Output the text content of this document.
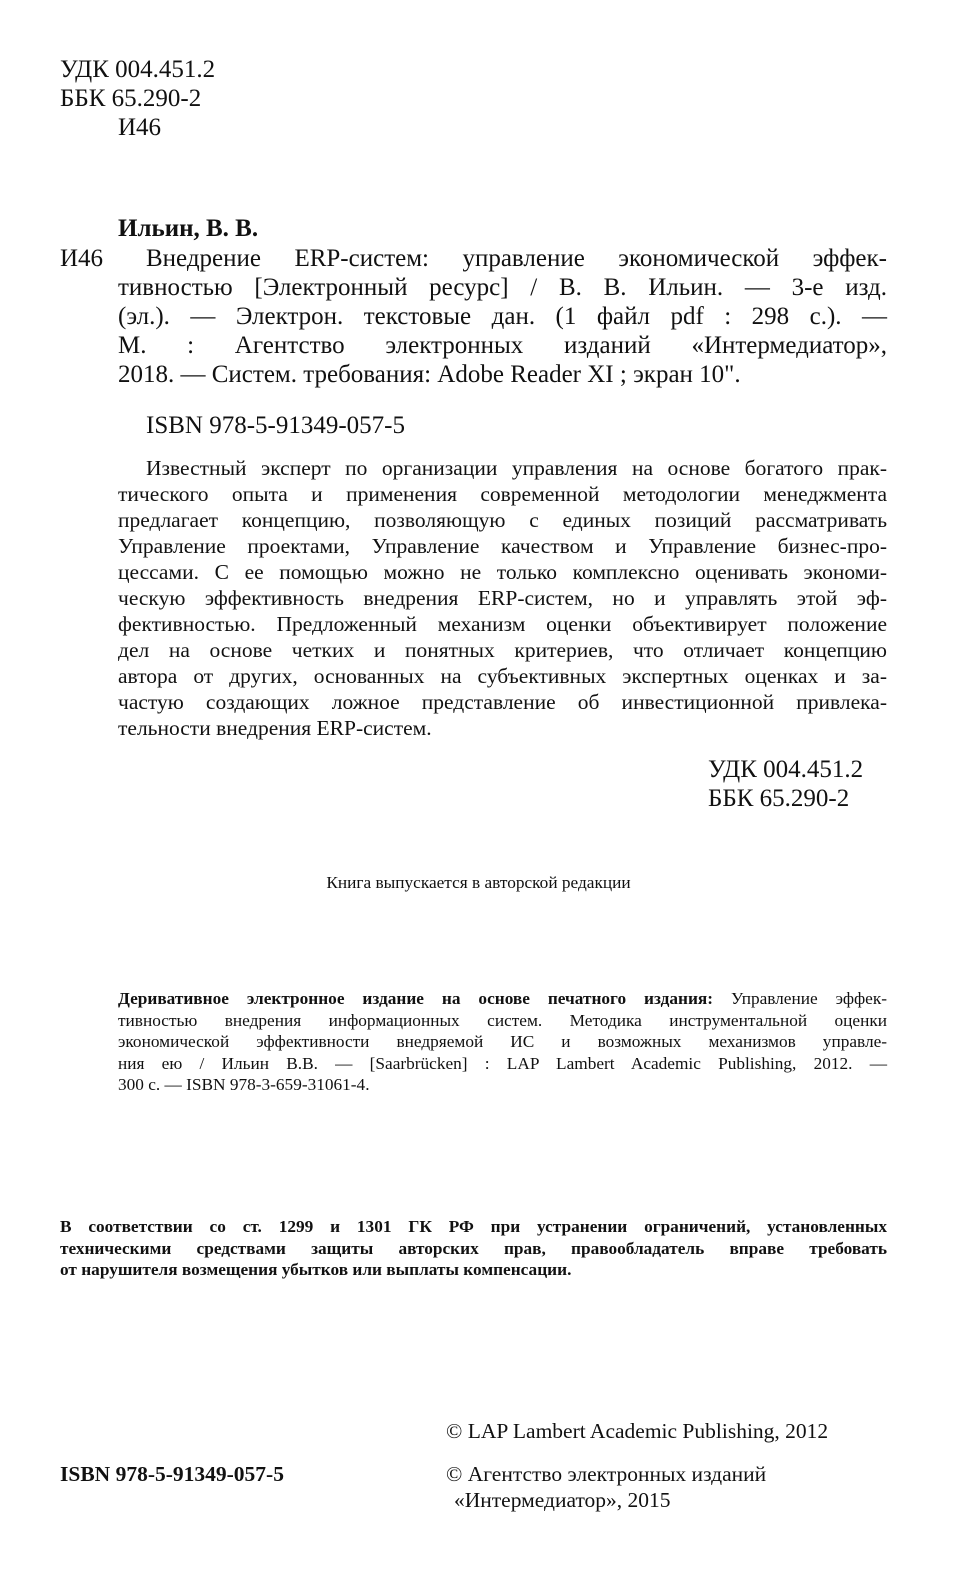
УДК 004.451.2
ББК 65.290-2
И46
Ильин, В. В.
И46	Внедрение ERP-систем: управление экономической эффек-
тивностью [Электронный ресурс] / В. В. Ильин. — 3-е изд.
(эл.). — Электрон. текстовые дан. (1 файл pdf : 298 с.). —
М. : Агентство электронных изданий «Интермедиатор»,
2018. — Систем. требования: Adobe Reader XI ; экран 10".
ISBN 978-5-91349-057-5
Известный эксперт по организации управления на основе богатого прак-
тического опыта и применения современной методологии менеджмента
предлагает концепцию, позволяющую с единых позиций рассматривать
Управление проектами, Управление качеством и Управление бизнес-про-
цессами. С ее помощью можно не только комплексно оценивать экономи-
ческую эффективность внедрения ERP-систем, но и управлять этой эф-
фективностью. Предложенный механизм оценки объективирует положение
дел на основе четких и понятных критериев, что отличает концепцию
автора от других, основанных на субъективных экспертных оценках и за-
частую создающих ложное представление об инвестиционной привлека-
тельности внедрения ERP-систем.
УДК 004.451.2
ББК 65.290-2
Книга выпускается в авторской редакции
Деривативное электронное издание на основе печатного издания: Управление эффек-
тивностью внедрения информационных систем. Методика инструментальной оценки
экономической эффективности внедряемой ИС и возможных механизмов управле-
ния ею / Ильин В.В. — [Saarbrücken] : LAP Lambert Academic Publishing, 2012. —
300 с. — ISBN 978-3-659-31061-4.
В соответствии со ст. 1299 и 1301 ГК РФ при устранении ограничений, установленных
техническими средствами защиты авторских прав, правообладатель вправе требовать
от нарушителя возмещения убытков или выплаты компенсации.
ISBN 978-5-91349-057-5
© LAP Lambert Academic Publishing, 2012
© Агентство электронных изданий
«Интермедиатор», 2015
